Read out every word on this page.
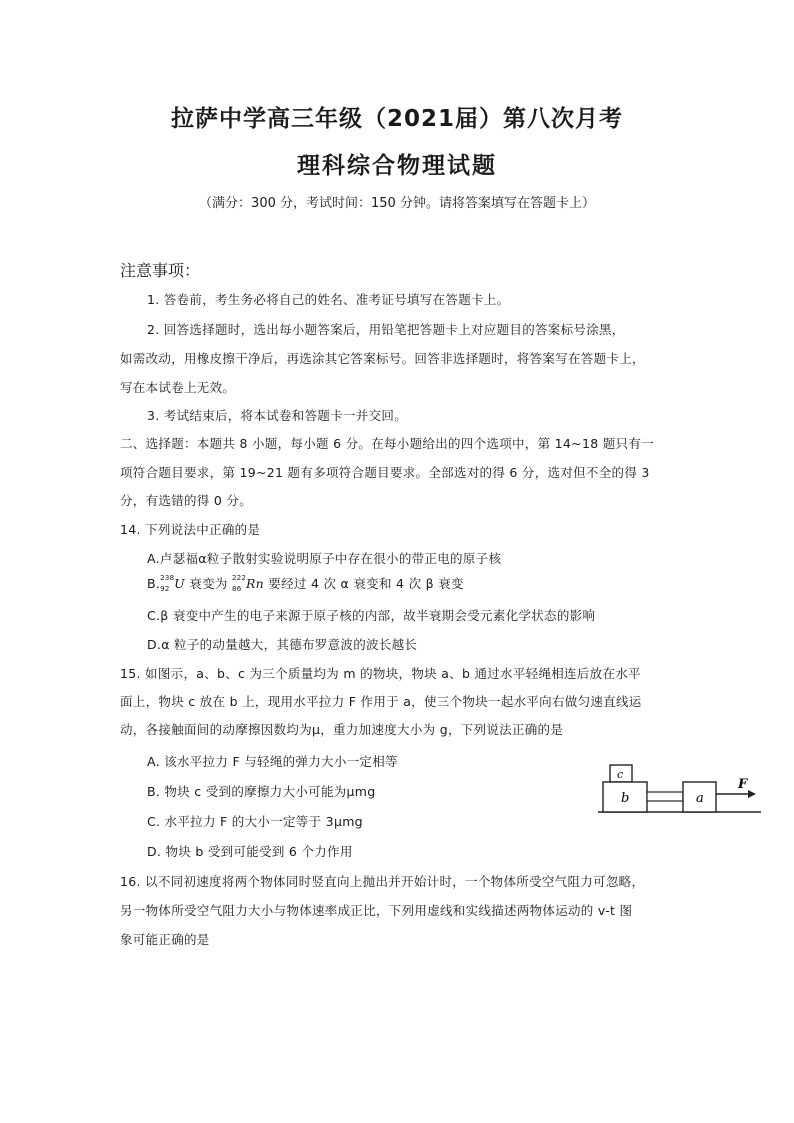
拉萨中学高三年级（2021届）第八次月考
理科综合物理试题
（满分：300 分，考试时间：150 分钟。请将答案填写在答题卡上）
注意事项：
1. 答卷前，考生务必将自己的姓名、准考证号填写在答题卡上。
2. 回答选择题时，选出每小题答案后，用铅笔把答题卡上对应题目的答案标号涂黑，
如需改动，用橡皮擦干净后，再选涂其它答案标号。回答非选择题时，将答案写在答题卡上，
写在本试卷上无效。
3. 考试结束后，将本试卷和答题卡一并交回。
二、选择题：本题共 8 小题，每小题 6 分。在每小题给出的四个选项中，第 14~18 题只有一
项符合题目要求，第 19~21 题有多项符合题目要求。全部选对的得 6 分，选对但不全的得 3
分，有选错的得 0 分。
14. 下列说法中正确的是
A.卢瑟福α粒子散射实验说明原子中存在很小的带正电的原子核
B. 238
92 U 衰变为 222
86 Rn 要经过 4 次 α 衰变和 4 次 β 衰变
C.β 衰变中产生的电子来源于原子核的内部，故半衰期会受元素化学状态的影响
D.α 粒子的动量越大，其德布罗意波的波长越长
15. 如图示，a、b、c 为三个质量均为 m 的物块，物块 a、b 通过水平轻绳相连后放在水平
面上，物块 c 放在 b 上，现用水平拉力 F 作用于 a，使三个物块一起水平向右做匀速直线运
动，各接触面间的动摩擦因数均为μ，重力加速度大小为 g，下列说法正确的是
A. 该水平拉力 F 与轻绳的弹力大小一定相等
B. 物块 c 受到的摩擦力大小可能为μmg
C. 水平拉力 F 的大小一定等于 3μmg
D. 物块 b 受到可能受到 6 个力作用
c
b	a
F
16. 以不同初速度将两个物体同时竖直向上抛出并开始计时，一个物体所受空气阻力可忽略，
另一物体所受空气阻力大小与物体速率成正比，下列用虚线和实线描述两物体运动的 v-t 图
象可能正确的是
